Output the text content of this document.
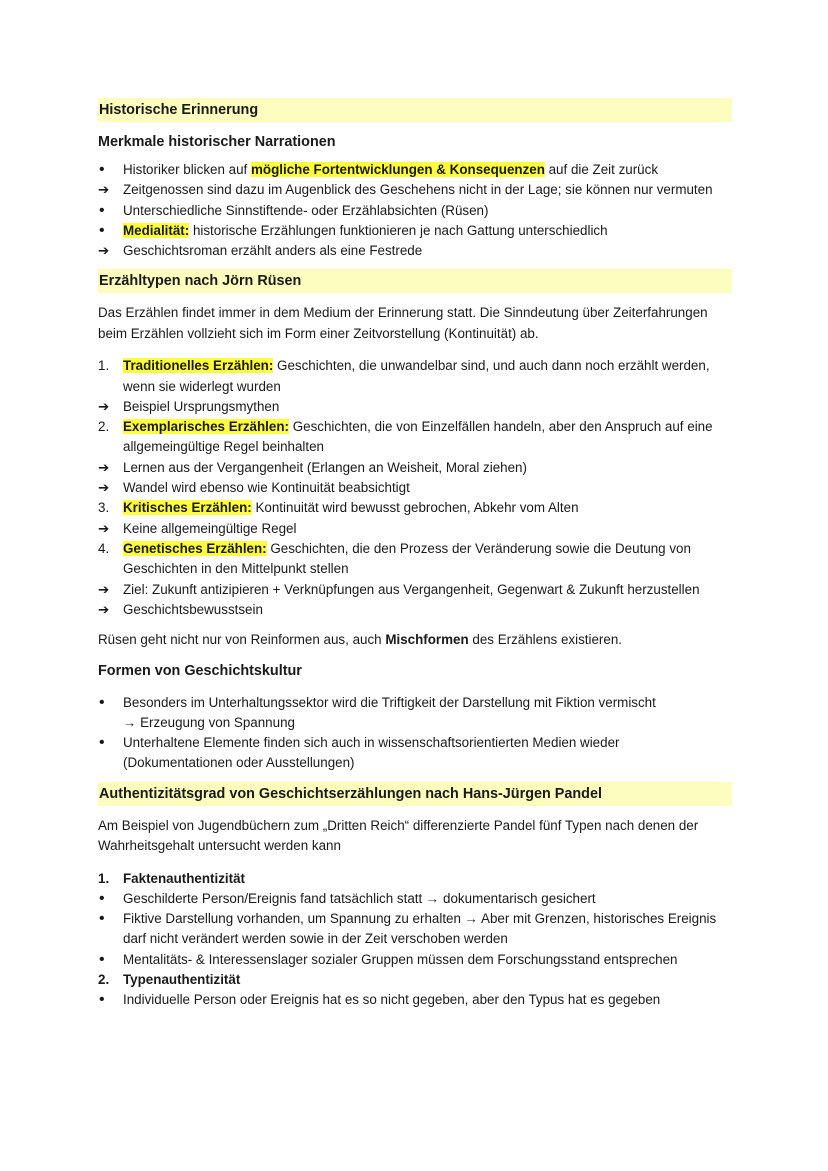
Historische Erinnerung
Merkmale historischer Narrationen
•	Historiker blicken auf mögliche Fortentwicklungen & Konsequenzen auf die Zeit zurück
➔	Zeitgenossen sind dazu im Augenblick des Geschehens nicht in der Lage; sie können nur vermuten
•	Unterschiedliche Sinnstiftende- oder Erzählabsichten (Rüsen)
•	Medialität: historische Erzählungen funktionieren je nach Gattung unterschiedlich
➔	Geschichtsroman erzählt anders als eine Festrede
Erzähltypen nach Jörn Rüsen
Das Erzählen findet immer in dem Medium der Erinnerung statt. Die Sinndeutung über Zeiterfahrungen beim Erzählen vollzieht sich im Form einer Zeitvorstellung (Kontinuität) ab.
1.	Traditionelles Erzählen: Geschichten, die unwandelbar sind, und auch dann noch erzählt werden, wenn sie widerlegt wurden
➔	Beispiel Ursprungsmythen
2.	Exemplarisches Erzählen: Geschichten, die von Einzelfällen handeln, aber den Anspruch auf eine allgemeingültige Regel beinhalten
➔	Lernen aus der Vergangenheit (Erlangen an Weisheit, Moral ziehen)
➔	Wandel wird ebenso wie Kontinuität beabsichtigt
3.	Kritisches Erzählen: Kontinuität wird bewusst gebrochen, Abkehr vom Alten
➔	Keine allgemeingültige Regel
4.	Genetisches Erzählen: Geschichten, die den Prozess der Veränderung sowie die Deutung von Geschichten in den Mittelpunkt stellen
➔	Ziel: Zukunft antizipieren + Verknüpfungen aus Vergangenheit, Gegenwart & Zukunft herzustellen
➔	Geschichtsbewusstsein
Rüsen geht nicht nur von Reinformen aus, auch Mischformen des Erzählens existieren.
Formen von Geschichtskultur
•	Besonders im Unterhaltungssektor wird die Triftigkeit der Darstellung mit Fiktion vermischt
→ Erzeugung von Spannung
•	Unterhaltene Elemente finden sich auch in wissenschaftsorientierten Medien wieder (Dokumentationen oder Ausstellungen)
Authentizitätsgrad von Geschichtserzählungen nach Hans-Jürgen Pandel
Am Beispiel von Jugendbüchern zum „Dritten Reich“ differenzierte Pandel fünf Typen nach denen der Wahrheitsgehalt untersucht werden kann
1.	Faktenauthentizität
•	Geschilderte Person/Ereignis fand tatsächlich statt → dokumentarisch gesichert
•	Fiktive Darstellung vorhanden, um Spannung zu erhalten → Aber mit Grenzen, historisches Ereignis darf nicht verändert werden sowie in der Zeit verschoben werden
•	Mentalitäts- & Interessenslager sozialer Gruppen müssen dem Forschungsstand entsprechen
2.	Typenauthentizität
•	Individuelle Person oder Ereignis hat es so nicht gegeben, aber den Typus hat es gegeben
